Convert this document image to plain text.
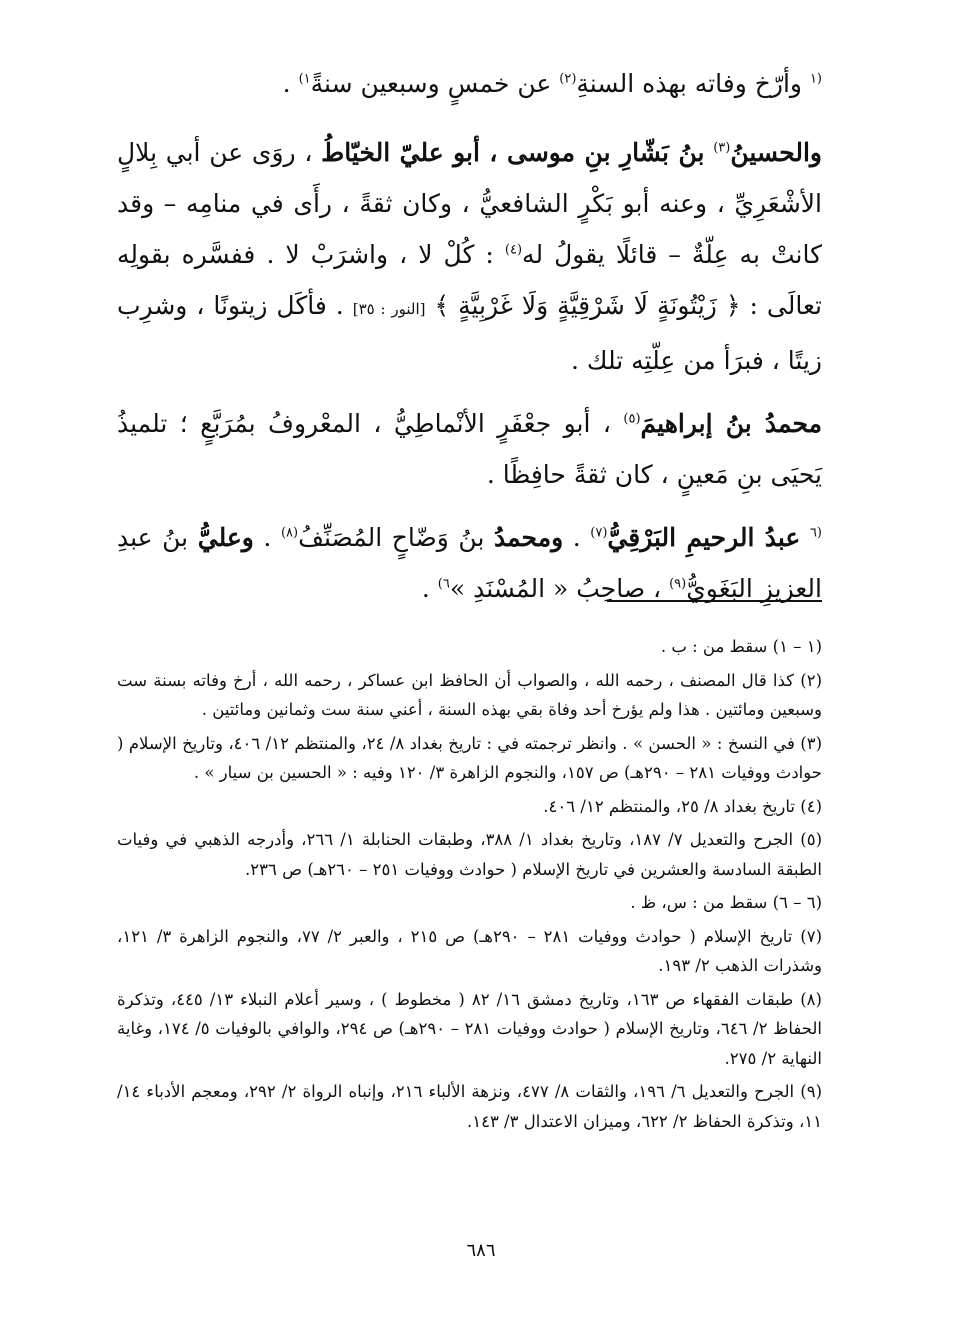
$^{(١}$ وأرّخ وفاته بهذه السنةِ$^{(٢)}$ عن خمسٍ وسبعين سنةً$^{١)}$ .

والحسينُ$^{(٣)}$ بنُ بَشّارِ بنِ موسى ، أبو عليّ الخيّاطُ ، روَى عن أبي بِلالٍ الأشْعَرِيِّ ، وعنه أبو بَكْرٍ الشافعيُّ ، وكان ثقةً ، رأَى في منامِه – وقد كانتْ به عِلّةٌ – قائلًا يقولُ له$^{(٤)}$ : كُلْ لا ، واشرَبْ لا . ففسَّره بقولِه تعالَى : ﴿ زَيْتُونَةٍ لَا شَرْقِيَّةٍ وَلَا غَرْبِيَّةٍ ﴾ [النور : ٣٥] . فأكَل زيتونًا ، وشرِب زيتًا ، فبرَأ من عِلّتِه تلك .

محمدُ بنُ إبراهيمَ$^{(٥)}$ ، أبو جعْفَرٍ الأنْماطِيُّ ، المعْروفُ بمُرَبَّعٍ ؛ تلميذُ يَحيَى بنِ مَعينٍ ، كان ثقةً حافِظًا .

$^{(٦}$ عبدُ الرحيمِ البَرْقِيُّ$^{(٧)}$ . ومحمدُ بنُ وَضّاحٍ المُصَنِّفُ$^{(٨)}$ . وعليُّ بنُ عبدِ العزيزِ البَغَويُّ$^{(٩)}$ ، صاحِبُ « المُسْنَدِ »$^{٦)}$ .

(١ – ١) سقط من : ب .

(٢) كذا قال المصنف ، رحمه الله ، والصواب أن الحافظ ابن عساكر ، رحمه الله ، أرخ وفاته بسنة ست وسبعين ومائتين . هذا ولم يؤرخ أحد وفاة بقي بهذه السنة ، أعني سنة ست وثمانين ومائتين .

(٣) في النسخ : « الحسن » . وانظر ترجمته في : تاريخ بغداد ٨/ ٢٤، والمنتظم ١٢/ ٤٠٦، وتاريخ الإسلام ( حوادث ووفيات ٢٨١ – ٢٩٠هـ) ص ١٥٧، والنجوم الزاهرة ٣/ ١٢٠ وفيه : « الحسين بن سيار » .

(٤) تاريخ بغداد ٨/ ٢٥، والمنتظم ١٢/ ٤٠٦.

(٥) الجرح والتعديل ٧/ ١٨٧، وتاريخ بغداد ١/ ٣٨٨، وطبقات الحنابلة ١/ ٢٦٦، وأدرجه الذهبي في وفيات الطبقة السادسة والعشرين في تاريخ الإسلام ( حوادث ووفيات ٢٥١ – ٢٦٠هـ) ص ٢٣٦.

(٦ – ٦) سقط من : س، ظ .

(٧) تاريخ الإسلام ( حوادث ووفيات ٢٨١ – ٢٩٠هـ) ص ٢١٥ ، والعبر ٢/ ٧٧، والنجوم الزاهرة ٣/ ١٢١، وشذرات الذهب ٢/ ١٩٣.

(٨) طبقات الفقهاء ص ١٦٣، وتاريخ دمشق ١٦/ ٨٢ ( مخطوط ) ، وسير أعلام النبلاء ١٣/ ٤٤٥، وتذكرة الحفاظ ٢/ ٦٤٦، وتاريخ الإسلام ( حوادث ووفيات ٢٨١ – ٢٩٠هـ) ص ٢٩٤، والوافي بالوفيات ٥/ ١٧٤، وغاية النهاية ٢/ ٢٧٥.

(٩) الجرح والتعديل ٦/ ١٩٦، والثقات ٨/ ٤٧٧، ونزهة الألباء ٢١٦، وإنباه الرواة ٢/ ٢٩٢، ومعجم الأدباء ١٤/ ١١، وتذكرة الحفاظ ٢/ ٦٢٢، وميزان الاعتدال ٣/ ١٤٣.

٦٨٦
